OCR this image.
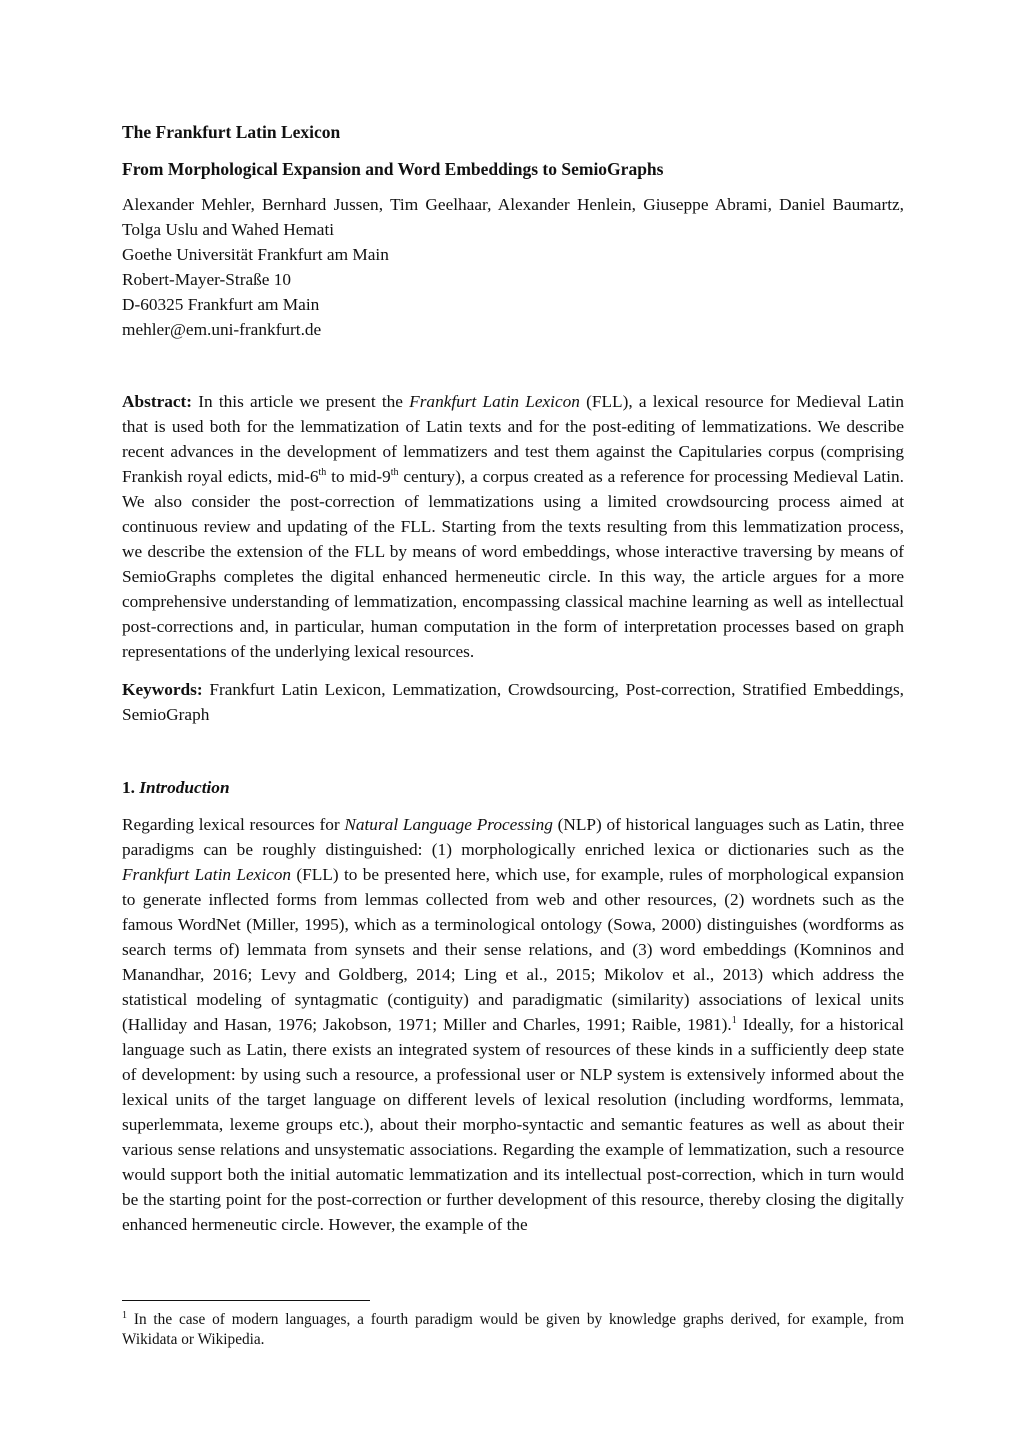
The Frankfurt Latin Lexicon

From Morphological Expansion and Word Embeddings to SemioGraphs

Alexander Mehler, Bernhard Jussen, Tim Geelhaar, Alexander Henlein, Giuseppe Abrami, Daniel Baumartz, Tolga Uslu and Wahed Hemati

Goethe Universität Frankfurt am Main

Robert-Mayer-Straße 10

D-60325 Frankfurt am Main

mehler@em.uni-frankfurt.de

Abstract: In this article we present the Frankfurt Latin Lexicon (FLL), a lexical resource for Medieval Latin that is used both for the lemmatization of Latin texts and for the post-editing of lemmatizations. We describe recent advances in the development of lemmatizers and test them against the Capitularies corpus (comprising Frankish royal edicts, mid-6th to mid-9th century), a corpus created as a reference for processing Medieval Latin. We also consider the post-correction of lemmatizations using a limited crowdsourcing process aimed at continuous review and updating of the FLL. Starting from the texts resulting from this lemmatization process, we describe the extension of the FLL by means of word embeddings, whose interactive traversing by means of SemioGraphs completes the digital enhanced hermeneutic circle. In this way, the article argues for a more comprehensive understanding of lemmatization, encompassing classical machine learning as well as intellectual post-corrections and, in particular, human computation in the form of interpretation processes based on graph representations of the underlying lexical resources.

Keywords: Frankfurt Latin Lexicon, Lemmatization, Crowdsourcing, Post-correction, Stratified Embeddings, SemioGraph

1. Introduction

Regarding lexical resources for Natural Language Processing (NLP) of historical languages such as Latin, three paradigms can be roughly distinguished: (1) morphologically enriched lexica or dictionaries such as the Frankfurt Latin Lexicon (FLL) to be presented here, which use, for example, rules of morphological expansion to generate inflected forms from lemmas collected from web and other resources, (2) wordnets such as the famous WordNet (Miller, 1995), which as a terminological ontology (Sowa, 2000) distinguishes (wordforms as search terms of) lemmata from synsets and their sense relations, and (3) word embeddings (Komninos and Manandhar, 2016; Levy and Goldberg, 2014; Ling et al., 2015; Mikolov et al., 2013) which address the statistical modeling of syntagmatic (contiguity) and paradigmatic (similarity) associations of lexical units (Halliday and Hasan, 1976; Jakobson, 1971; Miller and Charles, 1991; Raible, 1981).$^1$ Ideally, for a historical language such as Latin, there exists an integrated system of resources of these kinds in a sufficiently deep state of development: by using such a resource, a professional user or NLP system is extensively informed about the lexical units of the target language on different levels of lexical resolution (including wordforms, lemmata, superlemmata, lexeme groups etc.), about their morpho-syntactic and semantic features as well as about their various sense relations and unsystematic associations. Regarding the example of lemmatization, such a resource would support both the initial automatic lemmatization and its intellectual post-correction, which in turn would be the starting point for the post-correction or further development of this resource, thereby closing the digitally enhanced hermeneutic circle. However, the example of the

$^1$ In the case of modern languages, a fourth paradigm would be given by knowledge graphs derived, for example, from Wikidata or Wikipedia.
